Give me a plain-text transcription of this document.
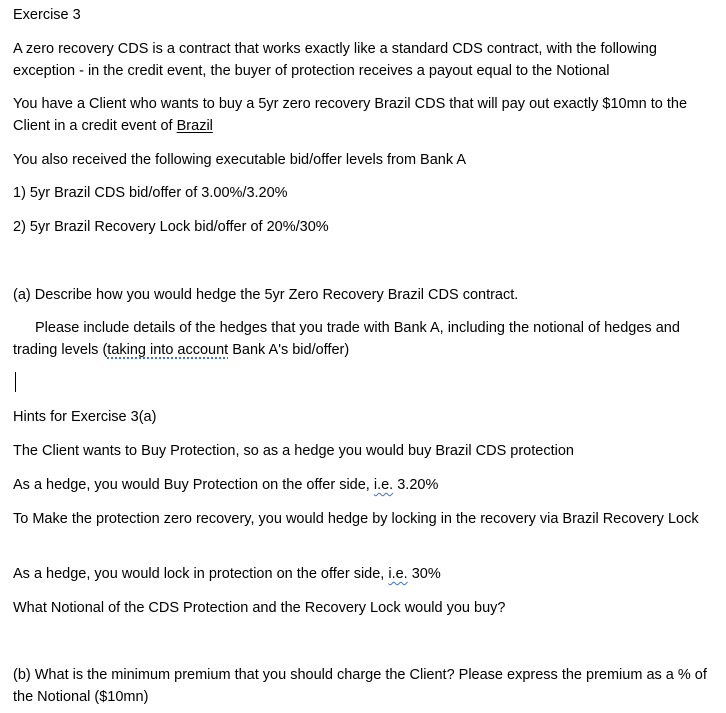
Exercise 3
A zero recovery CDS is a contract that works exactly like a standard CDS contract, with the following exception - in the credit event, the buyer of protection receives a payout equal to the Notional
You have a Client who wants to buy a 5yr zero recovery Brazil CDS that will pay out exactly $10mn to the Client in a credit event of Brazil
You also received the following executable bid/offer levels from Bank A
1) 5yr Brazil CDS bid/offer of 3.00%/3.20%
2) 5yr Brazil Recovery Lock bid/offer of 20%/30%
(a) Describe how you would hedge the 5yr Zero Recovery Brazil CDS contract.
Please include details of the hedges that you trade with Bank A, including the notional of hedges and trading levels (taking into account Bank A's bid/offer)
Hints for Exercise 3(a)
The Client wants to Buy Protection, so as a hedge you would buy Brazil CDS protection
As a hedge, you would Buy Protection on the offer side, i.e. 3.20%
To Make the protection zero recovery, you would hedge by locking in the recovery via Brazil Recovery Lock
As a hedge, you would lock in protection on the offer side, i.e. 30%
What Notional of the CDS Protection and the Recovery Lock would you buy?
(b) What is the minimum premium that you should charge the Client? Please express the premium as a % of the Notional ($10mn)
